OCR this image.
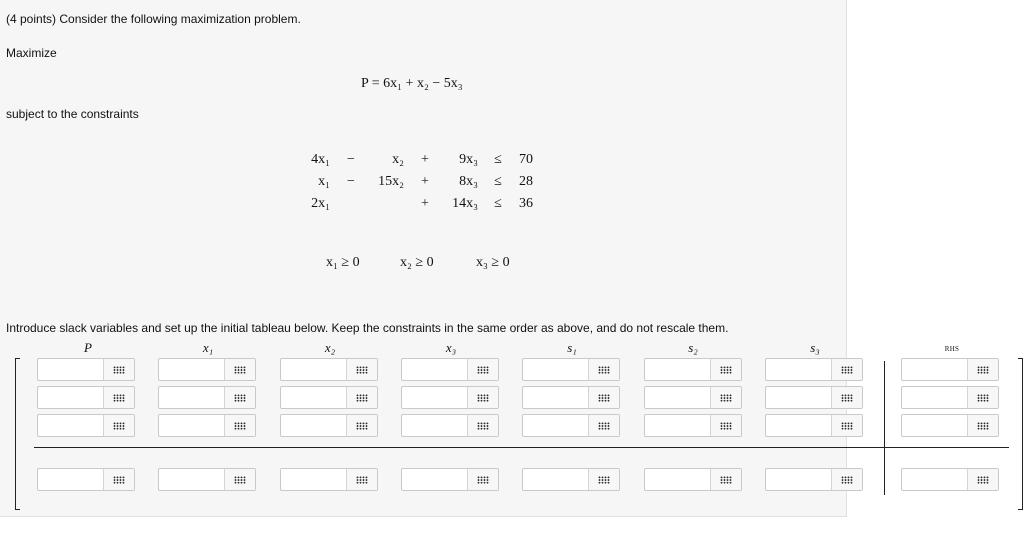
(4 points) Consider the following maximization problem.
Maximize
P = 6x₁ + x₂ − 5x₃
subject to the constraints
4x₁ −	x₂ +	9x₃ ≤ 70
x₁ −	15x₂ +	8x₃ ≤ 28
2x₁	+	14x₃ ≤ 36
x₁ ≥ 0	x₂ ≥ 0	x₃ ≥ 0
Introduce slack variables and set up the initial tableau below. Keep the constraints in the same order as above, and do not rescale them.
P	x₁	x₂	x₃	s₁	s₂	s₃	RHS
